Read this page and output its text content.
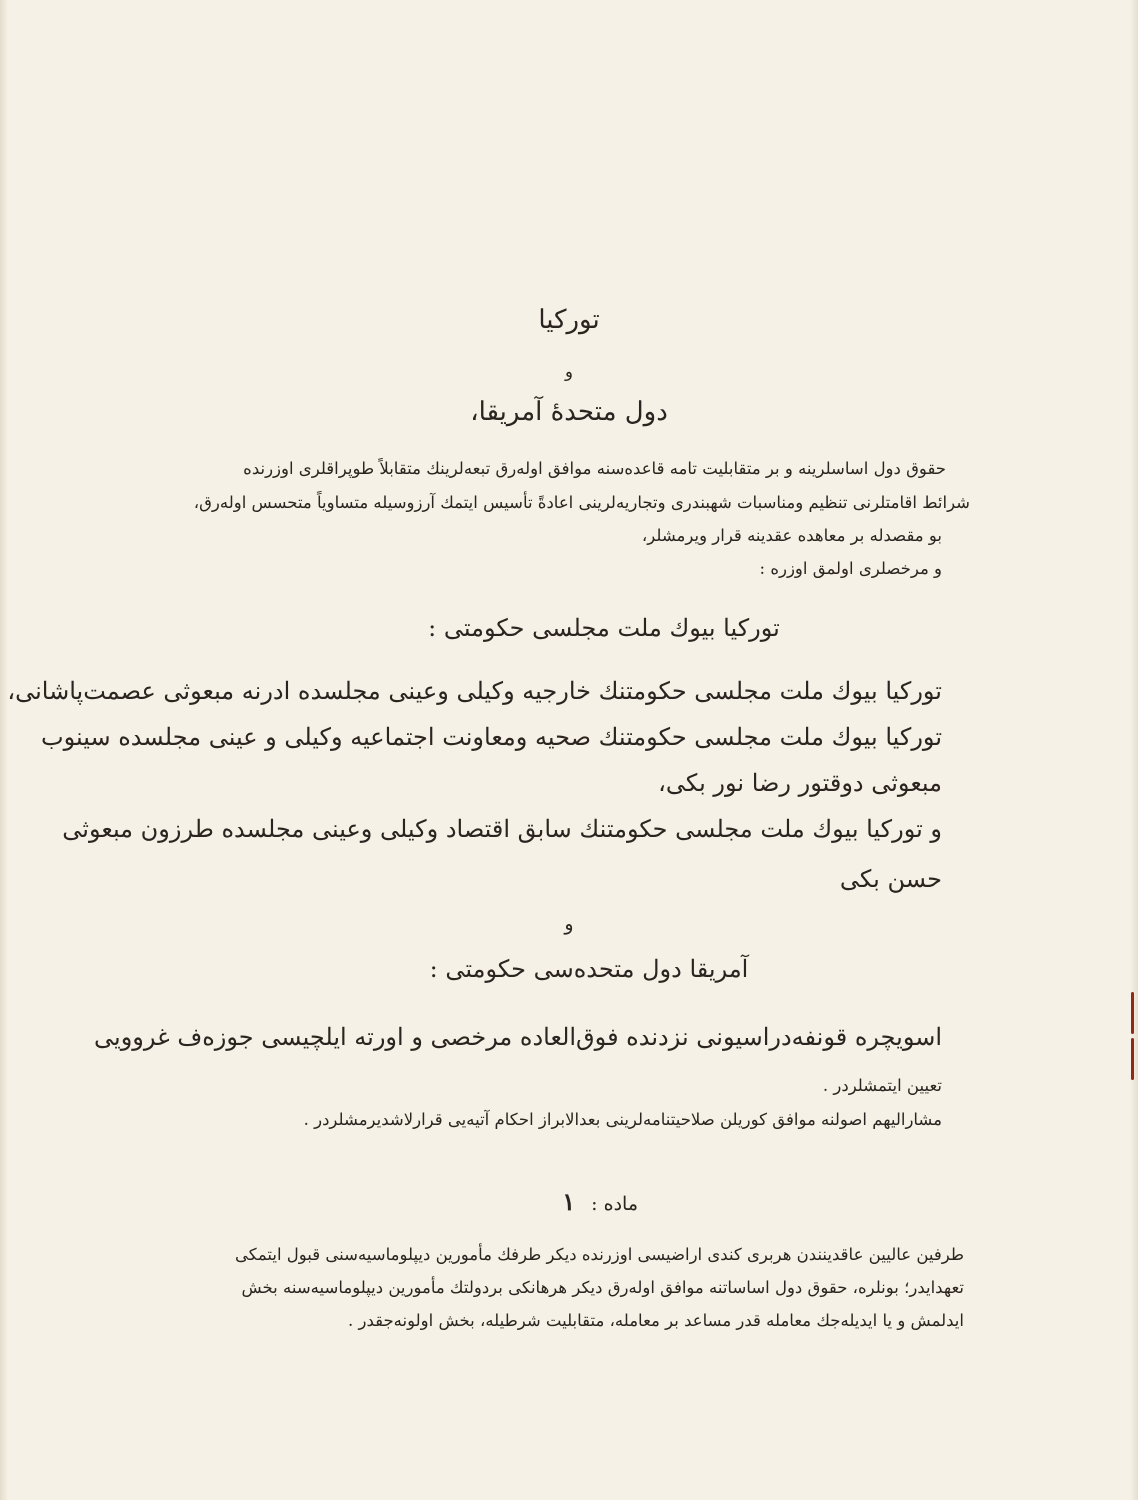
تورکیا
و
دول متحدهٔ آمریقا،
حقوق دول اساسلرینه و بر متقابلیت تامه قاعده‌سنه موافق اوله‌رق تبعه‌لرینك متقابلاً طوپراقلری اوزرنده
شرائط اقامتلرنی تنظیم ومناسبات شهبندری وتجاریه‌لرینی اعادةً تأسیس ایتمك آرزوسیله متساویاً متحسس اوله‌رق،
بو مقصدله بر معاهده عقدینه قرار ویرمشلر،
و مرخصلری اولمق اوزره :
تورکیا بیوك ملت مجلسی حکومتی :
تورکیا بیوك ملت مجلسی حکومتنك خارجیه وکیلی وعینی مجلسده ادرنه مبعوثی عصمت‌پاشانی،
تورکیا بیوك ملت مجلسی حکومتنك صحیه ومعاونت اجتماعیه وکیلی و عینی مجلسده سینوب
مبعوثی دوقتور رضا نور بکی،
و تورکیا بیوك ملت مجلسی حکومتنك سابق اقتصاد وکیلی وعینی مجلسده طرزون مبعوثی
حسن بکی
و
آمریقا دول متحده‌سی حکومتی :
اسویچره قونفه‌دراسیونی نزدنده فوق‌العاده مرخصی و اورته ایلچیسی جوزه‌ف غروویی
تعیین ایتمشلردر .
مشارالیهم اصولنه موافق کوریلن صلاحیتنامه‌لرینی بعدالابراز احکام آتیه‌یی قرارلاشدیرمشلردر .
ماده : ١
طرفین عالیین عاقدینندن هربری کندی اراضیسی اوزرنده دیکر طرفك مأمورین دیپلوماسیه‌سنی قبول ایتمکی
تعهدایدر؛ بونلره، حقوق دول اساساتنه موافق اوله‌رق دیکر هرهانکی بردولتك مأمورین دیپلوماسیه‌سنه بخش
ایدلمش و یا ایدیله‌جك معامله قدر مساعد بر معامله، متقابلیت شرطیله، بخش اولونه‌جقدر .
